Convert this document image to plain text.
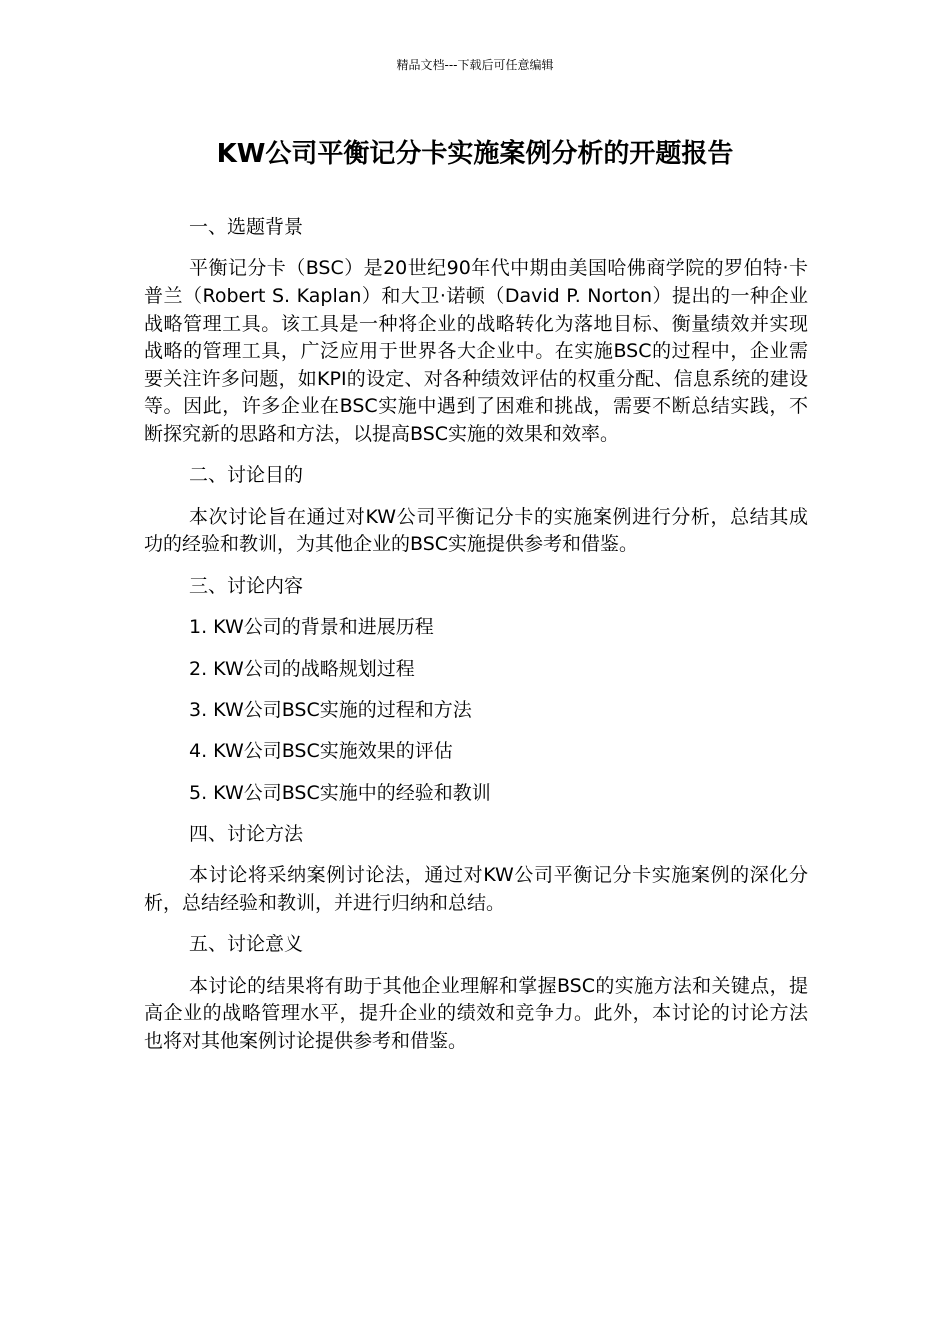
精品文档---下载后可任意编辑
KW公司平衡记分卡实施案例分析的开题报告

一、选题背景

平衡记分卡（BSC）是20世纪90年代中期由美国哈佛商学院的罗伯特·卡普兰（Robert S. Kaplan）和大卫·诺顿（David P. Norton）提出的一种企业战略管理工具。该工具是一种将企业的战略转化为落地目标、衡量绩效并实现战略的管理工具，广泛应用于世界各大企业中。在实施BSC的过程中，企业需要关注许多问题，如KPI的设定、对各种绩效评估的权重分配、信息系统的建设等。因此，许多企业在BSC实施中遇到了困难和挑战，需要不断总结实践，不断探究新的思路和方法，以提高BSC实施的效果和效率。

二、讨论目的

本次讨论旨在通过对KW公司平衡记分卡的实施案例进行分析，总结其成功的经验和教训，为其他企业的BSC实施提供参考和借鉴。

三、讨论内容

1. KW公司的背景和进展历程

2. KW公司的战略规划过程

3. KW公司BSC实施的过程和方法

4. KW公司BSC实施效果的评估

5. KW公司BSC实施中的经验和教训

四、讨论方法

本讨论将采纳案例讨论法，通过对KW公司平衡记分卡实施案例的深化分析，总结经验和教训，并进行归纳和总结。

五、讨论意义

本讨论的结果将有助于其他企业理解和掌握BSC的实施方法和关键点，提高企业的战略管理水平，提升企业的绩效和竞争力。此外，本讨论的讨论方法也将对其他案例讨论提供参考和借鉴。
